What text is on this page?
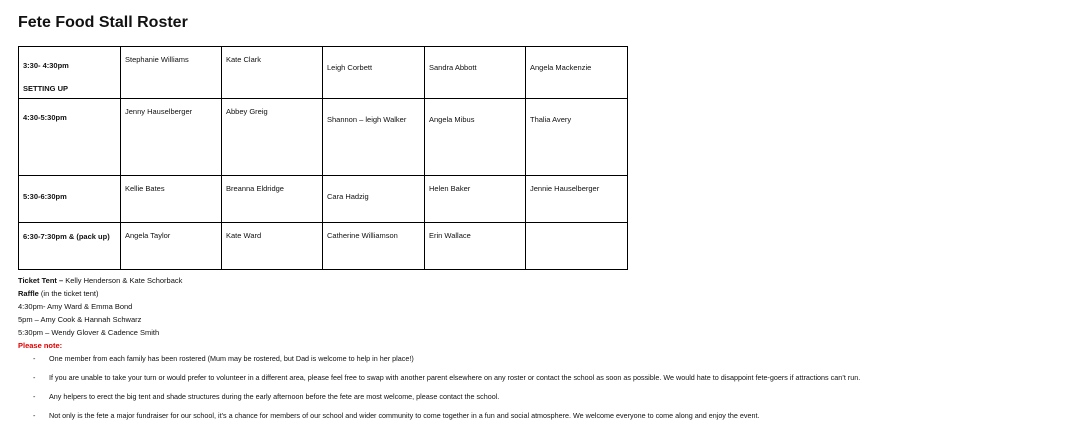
Fete Food Stall Roster
3:30- 4:30pm
SETTING UP	Stephanie Williams	Kate Clark	Leigh Corbett	Sandra Abbott	Angela Mackenzie

4:30-5:30pm	Jenny Hauselberger	Abbey Greig	Shannon – leigh Walker	Angela Mibus	Thalia Avery

5:30-6:30pm	Kellie Bates	Breanna Eldridge	Cara Hadzig	Helen Baker	Jennie Hauselberger

6:30-7:30pm & (pack up)	Angela Taylor	Kate Ward	Catherine Williamson	Erin Wallace	

Ticket Tent – Kelly Henderson & Kate Schorback
Raffle (in the ticket tent)
4:30pm- Amy Ward & Emma Bond
5pm – Amy Cook & Hannah Schwarz
5:30pm – Wendy Glover & Cadence Smith
Please note:
- One member from each family has been rostered (Mum may be rostered, but Dad is welcome to help in her place!)
- If you are unable to take your turn or would prefer to volunteer in a different area, please feel free to swap with another parent elsewhere on any roster or contact the school as soon as possible. We would hate to disappoint fete-goers if attractions can’t run.
- Any helpers to erect the big tent and shade structures during the early afternoon before the fete are most welcome, please contact the school.
- Not only is the fete a major fundraiser for our school, it’s a chance for members of our school and wider community to come together in a fun and social atmosphere. We welcome everyone to come along and enjoy the event.
